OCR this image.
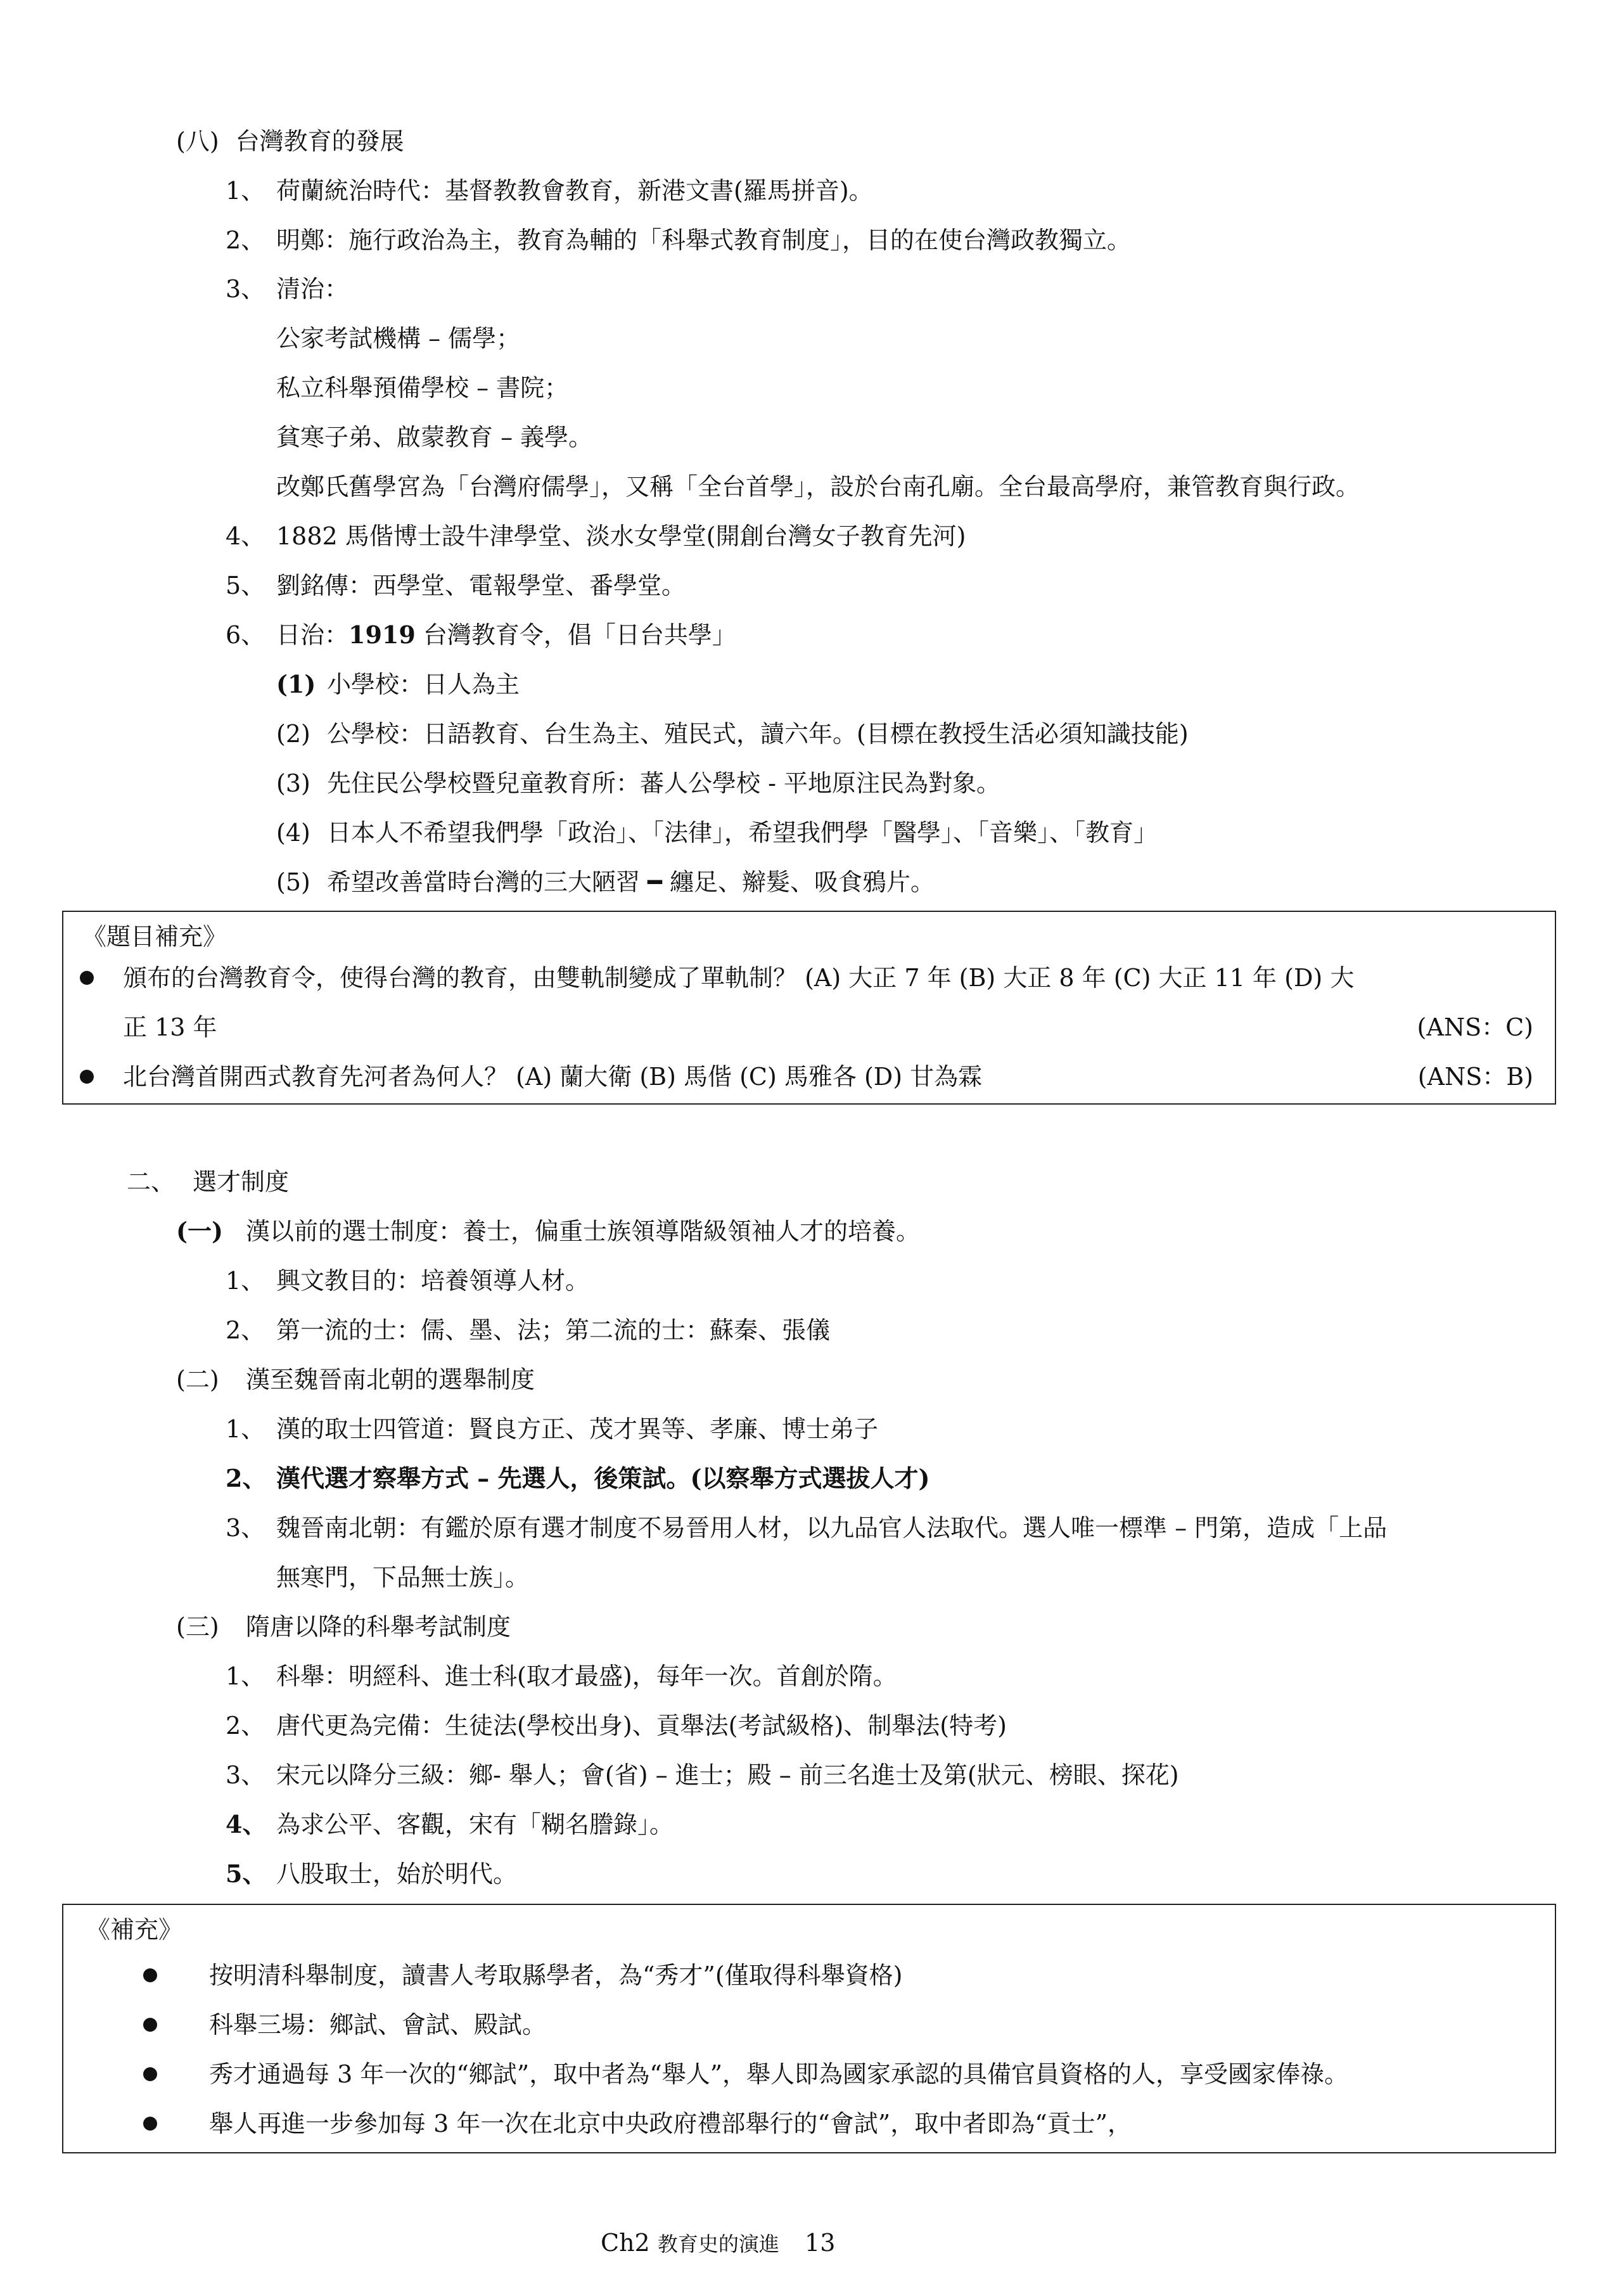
(八) 台灣教育的發展
1、 荷蘭統治時代：基督教教會教育，新港文書(羅馬拼音)。
2、 明鄭：施行政治為主，教育為輔的「科舉式教育制度」，目的在使台灣政教獨立。
3、 清治：
公家考試機構 – 儒學；
私立科舉預備學校 – 書院；
貧寒子弟、啟蒙教育 – 義學。
改鄭氏舊學宮為「台灣府儒學」，又稱「全台首學」，設於台南孔廟。全台最高學府，兼管教育與行政。
4、 1882 馬偕博士設牛津學堂、淡水女學堂(開創台灣女子教育先河)
5、 劉銘傳：西學堂、電報學堂、番學堂。
6、 日治：1919 台灣教育令，倡「日台共學」
(1) 小學校：日人為主
(2) 公學校：日語教育、台生為主、殖民式，讀六年。(目標在教授生活必須知識技能)
(3) 先住民公學校暨兒童教育所：蕃人公學校 - 平地原注民為對象。
(4) 日本人不希望我們學「政治」、「法律」，希望我們學「醫學」、「音樂」、「教育」
(5) 希望改善當時台灣的三大陋習 ━ 纏足、辮髮、吸食鴉片。
《題目補充》
頒布的台灣教育令，使得台灣的教育，由雙軌制變成了單軌制？ (A) 大正 7 年 (B) 大正 8 年 (C) 大正 11 年 (D) 大
正 13 年	(ANS：C)
北台灣首開西式教育先河者為何人？ (A) 蘭大衛 (B) 馬偕 (C) 馬雅各 (D) 甘為霖	(ANS：B)
二、 選才制度
(一) 漢以前的選士制度：養士，偏重士族領導階級領袖人才的培養。
1、 興文教目的：培養領導人材。
2、 第一流的士：儒、墨、法；第二流的士：蘇秦、張儀
(二) 漢至魏晉南北朝的選舉制度
1、 漢的取士四管道：賢良方正、茂才異等、孝廉、博士弟子
2、 漢代選才察舉方式 – 先選人，後策試。(以察舉方式選拔人才)
3、 魏晉南北朝：有鑑於原有選才制度不易晉用人材，以九品官人法取代。選人唯一標準 – 門第，造成「上品
無寒門，下品無士族」。
(三) 隋唐以降的科舉考試制度
1、 科舉：明經科、進士科(取才最盛)，每年一次。首創於隋。
2、 唐代更為完備：生徒法(學校出身)、貢舉法(考試級格)、制舉法(特考)
3、 宋元以降分三級：鄉- 舉人；會(省) – 進士；殿 – 前三名進士及第(狀元、榜眼、探花)
4、 為求公平、客觀，宋有「糊名謄錄」。
5、 八股取士，始於明代。
《補充》
按明清科舉制度，讀書人考取縣學者，為“秀才”(僅取得科舉資格)
科舉三場：鄉試、會試、殿試。
秀才通過每 3 年一次的“鄉試”，取中者為“舉人”，舉人即為國家承認的具備官員資格的人，享受國家俸祿。
舉人再進一步參加每 3 年一次在北京中央政府禮部舉行的“會試”，取中者即為“貢士”，
Ch2 教育史的演進 13
